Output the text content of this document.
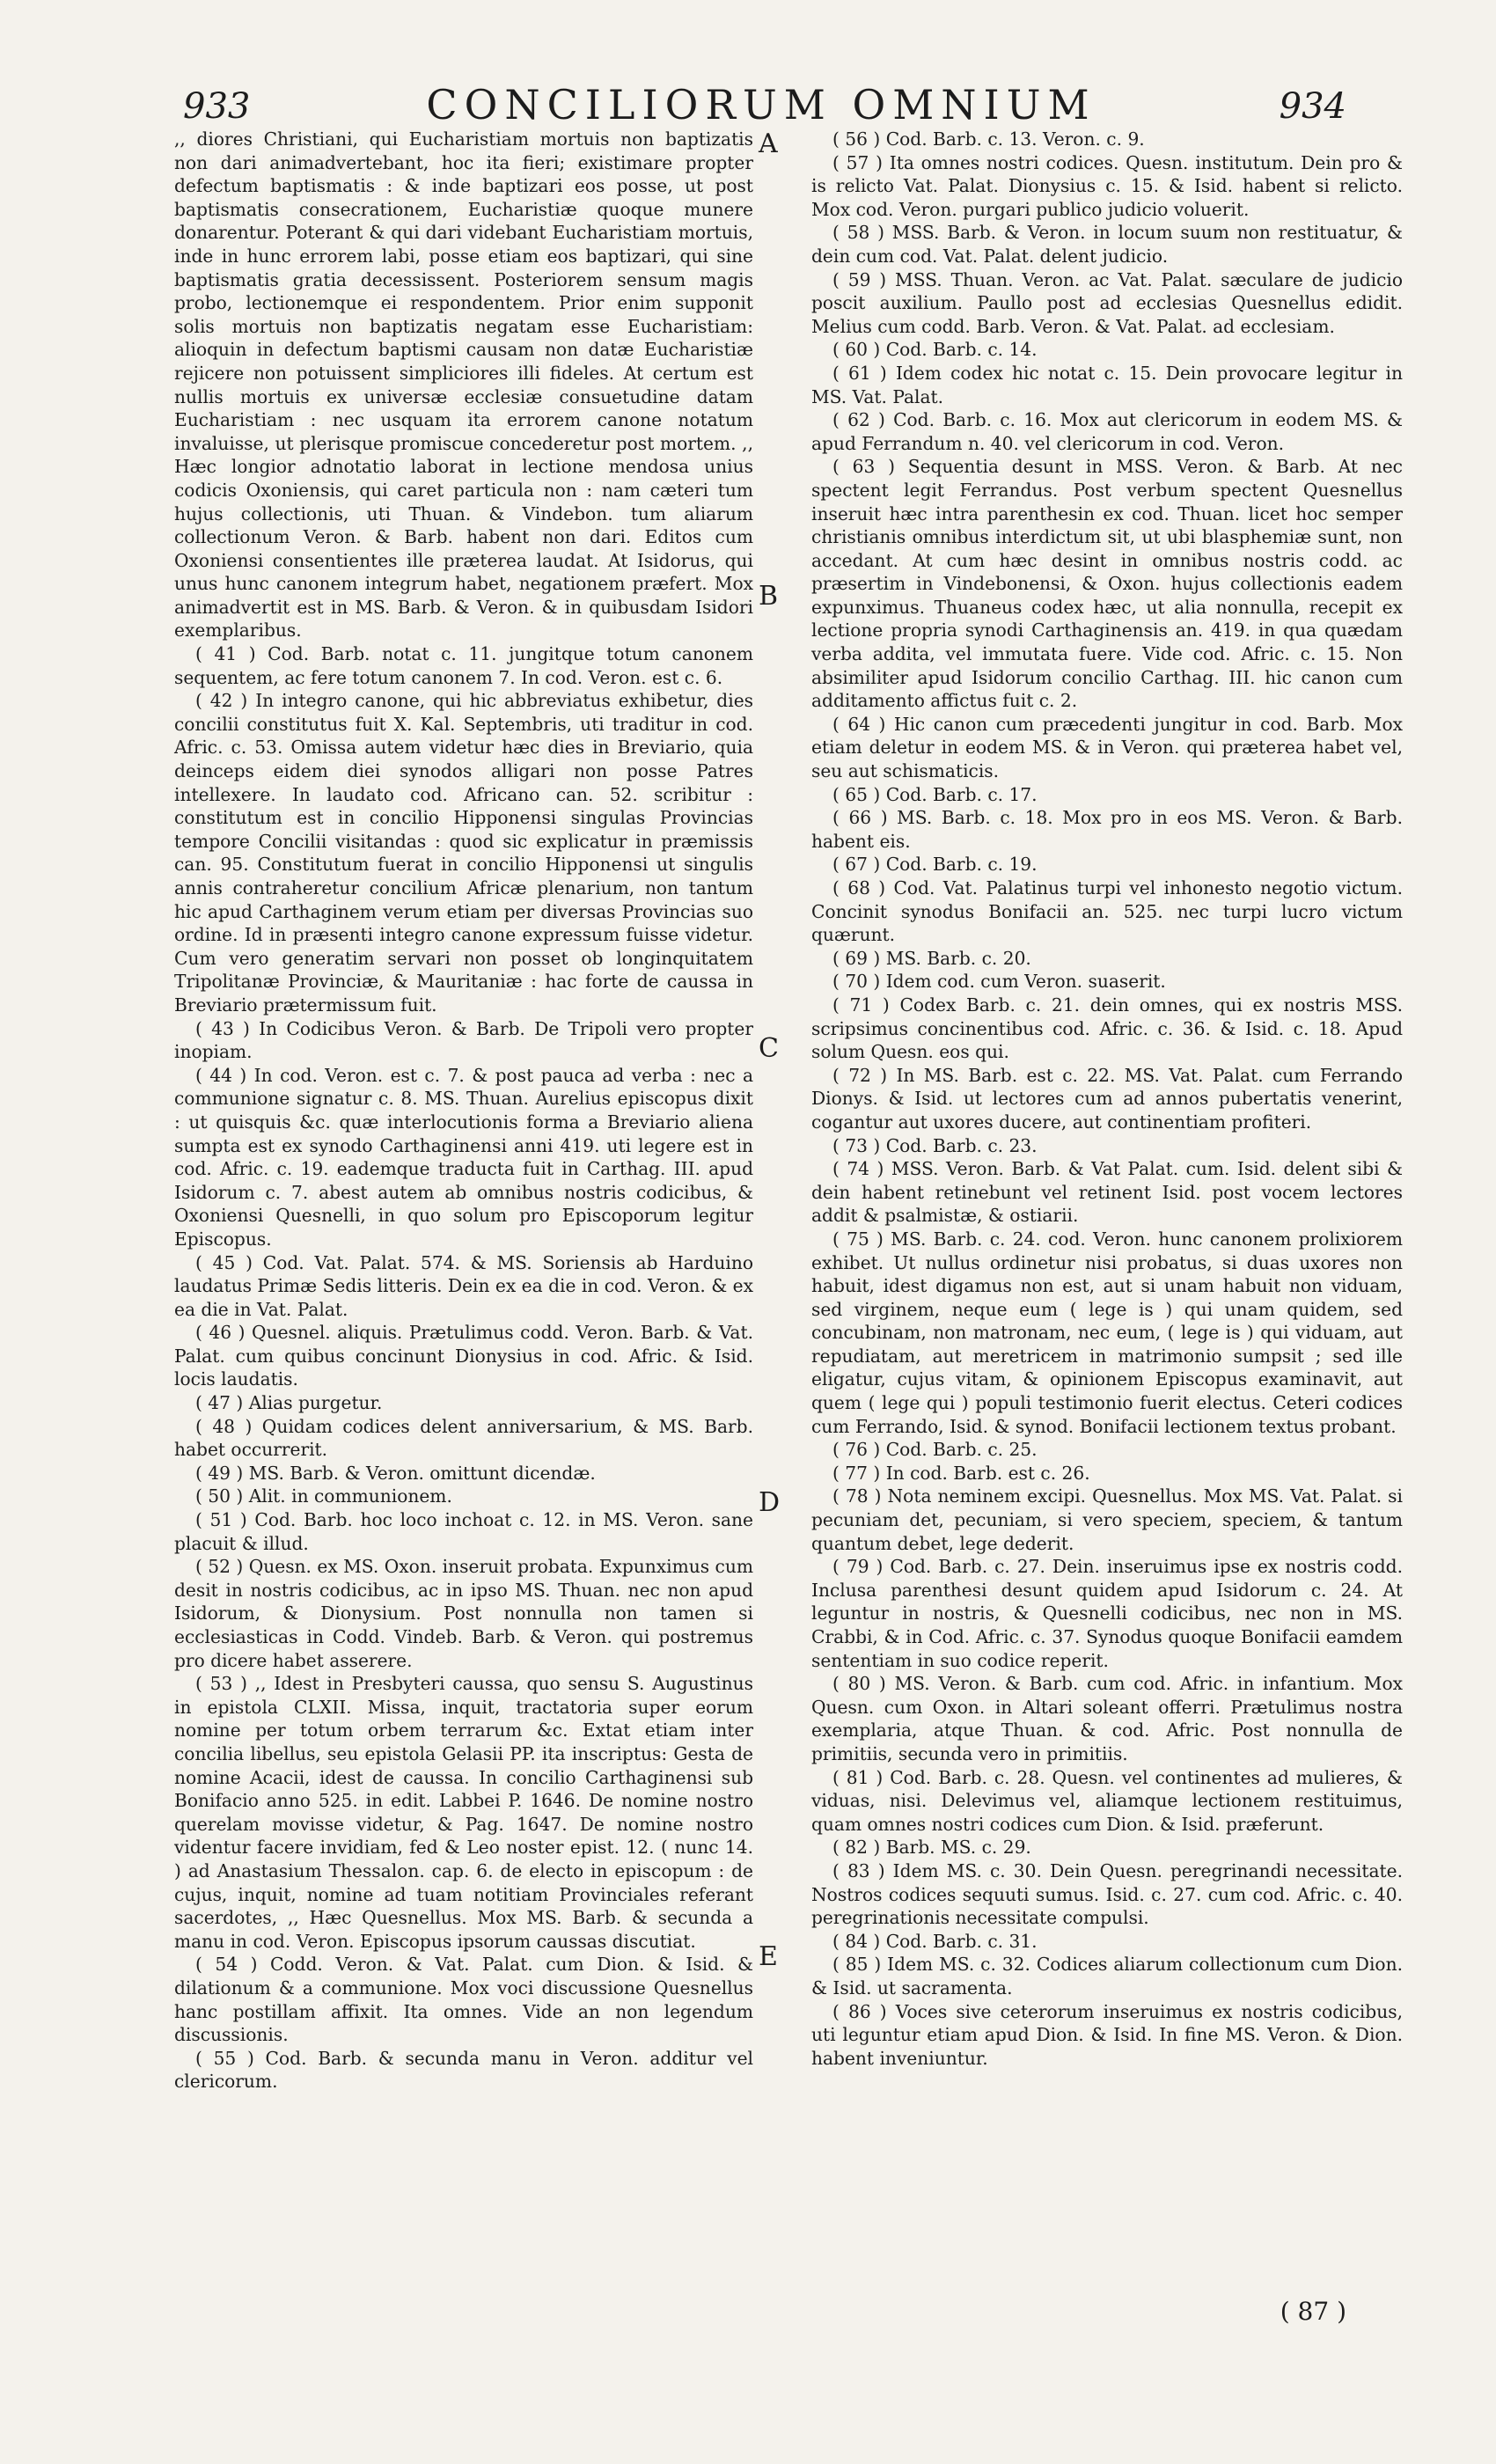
933	CONCILIORUM OMNIUM	934

,, diores Christiani, qui Eucharistiam mortuis non baptizatis non dari animadvertebant, hoc ita fieri; existimare propter defectum baptismatis : & inde baptizari eos posse, ut post baptismatis consecrationem, Eucharistiæ quoque munere donarentur. Poterant & qui dari videbant Eucharistiam mortuis, inde in hunc errorem labi, posse etiam eos baptizari, qui sine baptismatis gratia decessissent. Posteriorem sensum magis probo, lectionemque ei respondentem. Prior enim supponit solis mortuis non baptizatis negatam esse Eucharistiam: alioquin in defectum baptismi causam non datæ Eucharistiæ rejicere non potuissent simpliciores illi fideles. At certum est nullis mortuis ex universæ ecclesiæ consuetudine datam Eucharistiam : nec usquam ita errorem canone notatum invaluisse, ut plerisque promiscue concederetur post mortem. ,, Hæc longior adnotatio laborat in lectione mendosa unius codicis Oxoniensis, qui caret particula non : nam cæteri tum hujus collectionis, uti Thuan. & Vindebon. tum aliarum collectionum Veron. & Barb. habent non dari. Editos cum Oxoniensi consentientes ille præterea laudat. At Isidorus, qui unus hunc canonem integrum habet, negationem præfert. Mox animadvertit est in MS. Barb. & Veron. & in quibusdam Isidori exemplaribus.

( 41 ) Cod. Barb. notat c. 11. jungitque totum canonem sequentem, ac fere totum canonem 7. In cod. Veron. est c. 6.

( 42 ) In integro canone, qui hic abbreviatus exhibetur, dies concilii constitutus fuit X. Kal. Septembris, uti traditur in cod. Afric. c. 53. Omissa autem videtur hæc dies in Breviario, quia deinceps eidem diei synodos alligari non posse Patres intellexere. In laudato cod. Africano can. 52. scribitur : constitutum est in concilio Hipponensi singulas Provincias tempore Concilii visitandas : quod sic explicatur in præmissis can. 95. Constitutum fuerat in concilio Hipponensi ut singulis annis contraheretur concilium Africæ plenarium, non tantum hic apud Carthaginem verum etiam per diversas Provincias suo ordine. Id in præsenti integro canone expressum fuisse videtur. Cum vero generatim servari non posset ob longinquitatem Tripolitanæ Provinciæ, & Mauritaniæ : hac forte de caussa in Breviario prætermissum fuit.

( 43 ) In Codicibus Veron. & Barb. De Tripoli vero propter inopiam.

( 44 ) In cod. Veron. est c. 7. & post pauca ad verba : nec a communione signatur c. 8. MS. Thuan. Aurelius episcopus dixit : ut quisquis &c. quæ interlocutionis forma a Breviario aliena sumpta est ex synodo Carthaginensi anni 419. uti legere est in cod. Afric. c. 19. eademque traducta fuit in Carthag. III. apud Isidorum c. 7. abest autem ab omnibus nostris codicibus, & Oxoniensi Quesnelli, in quo solum pro Episcoporum legitur Episcopus.

( 45 ) Cod. Vat. Palat. 574. & MS. Soriensis ab Harduino laudatus Primæ Sedis litteris. Dein ex ea die in cod. Veron. & ex ea die in Vat. Palat.

( 46 ) Quesnel. aliquis. Prætulimus codd. Veron. Barb. & Vat. Palat. cum quibus concinunt Dionysius in cod. Afric. & Isid. locis laudatis.

( 47 ) Alias purgetur.

( 48 ) Quidam codices delent anniversarium, & MS. Barb. habet occurrerit.

( 49 ) MS. Barb. & Veron. omittunt dicendæ.

( 50 ) Alit. in communionem.

( 51 ) Cod. Barb. hoc loco inchoat c. 12. in MS. Veron. sane placuit & illud.

( 52 ) Quesn. ex MS. Oxon. inseruit probata. Expunximus cum desit in nostris codicibus, ac in ipso MS. Thuan. nec non apud Isidorum, & Dionysium. Post nonnulla non tamen si ecclesiasticas in Codd. Vindeb. Barb. & Veron. qui postremus pro dicere habet asserere.

( 53 ) ,, Idest in Presbyteri caussa, quo sensu S. Augustinus in epistola CLXII. Missa, inquit, tractatoria super eorum nomine per totum orbem terrarum &c. Extat etiam inter concilia libellus, seu epistola Gelasii PP. ita inscriptus: Gesta de nomine Acacii, idest de caussa. In concilio Carthaginensi sub Bonifacio anno 525. in edit. Labbei P. 1646. De nomine nostro querelam movisse videtur, & Pag. 1647. De nomine nostro videntur facere invidiam, fed & Leo noster epist. 12. ( nunc 14. ) ad Anastasium Thessalon. cap. 6. de electo in episcopum : de cujus, inquit, nomine ad tuam notitiam Provinciales referant sacerdotes, ,, Hæc Quesnellus. Mox MS. Barb. & secunda a manu in cod. Veron. Episcopus ipsorum caussas discutiat.

( 54 ) Codd. Veron. & Vat. Palat. cum Dion. & Isid. & dilationum & a communione. Mox voci discussione Quesnellus hanc postillam affixit. Ita omnes. Vide an non legendum discussionis.

( 55 ) Cod. Barb. & secunda manu in Veron. additur vel clericorum.

( 56 ) Cod. Barb. c. 13. Veron. c. 9.

( 57 ) Ita omnes nostri codices. Quesn. institutum. Dein pro & is relicto Vat. Palat. Dionysius c. 15. & Isid. habent si relicto. Mox cod. Veron. purgari publico judicio voluerit.

( 58 ) MSS. Barb. & Veron. in locum suum non restituatur, & dein cum cod. Vat. Palat. delent judicio.

( 59 ) MSS. Thuan. Veron. ac Vat. Palat. sæculare de judicio poscit auxilium. Paullo post ad ecclesias Quesnellus edidit. Melius cum codd. Barb. Veron. & Vat. Palat. ad ecclesiam.

( 60 ) Cod. Barb. c. 14.

( 61 ) Idem codex hic notat c. 15. Dein provocare legitur in MS. Vat. Palat.

( 62 ) Cod. Barb. c. 16. Mox aut clericorum in eodem MS. & apud Ferrandum n. 40. vel clericorum in cod. Veron.

( 63 ) Sequentia desunt in MSS. Veron. & Barb. At nec spectent legit Ferrandus. Post verbum spectent Quesnellus inseruit hæc intra parenthesin ex cod. Thuan. licet hoc semper christianis omnibus interdictum sit, ut ubi blasphemiæ sunt, non accedant. At cum hæc desint in omnibus nostris codd. ac præsertim in Vindebonensi, & Oxon. hujus collectionis eadem expunximus. Thuaneus codex hæc, ut alia nonnulla, recepit ex lectione propria synodi Carthaginensis an. 419. in qua quædam verba addita, vel immutata fuere. Vide cod. Afric. c. 15. Non absimiliter apud Isidorum concilio Carthag. III. hic canon cum additamento affictus fuit c. 2.

( 64 ) Hic canon cum præcedenti jungitur in cod. Barb. Mox etiam deletur in eodem MS. & in Veron. qui præterea habet vel, seu aut schismaticis.

( 65 ) Cod. Barb. c. 17.

( 66 ) MS. Barb. c. 18. Mox pro in eos MS. Veron. & Barb. habent eis.

( 67 ) Cod. Barb. c. 19.

( 68 ) Cod. Vat. Palatinus turpi vel inhonesto negotio victum. Concinit synodus Bonifacii an. 525. nec turpi lucro victum quærunt.

( 69 ) MS. Barb. c. 20.

( 70 ) Idem cod. cum Veron. suaserit.

( 71 ) Codex Barb. c. 21. dein omnes, qui ex nostris MSS. scripsimus concinentibus cod. Afric. c. 36. & Isid. c. 18. Apud solum Quesn. eos qui.

( 72 ) In MS. Barb. est c. 22. MS. Vat. Palat. cum Ferrando Dionys. & Isid. ut lectores cum ad annos pubertatis venerint, cogantur aut uxores ducere, aut continentiam profiteri.

( 73 ) Cod. Barb. c. 23.

( 74 ) MSS. Veron. Barb. & Vat Palat. cum. Isid. delent sibi & dein habent retinebunt vel retinent Isid. post vocem lectores addit & psalmistæ, & ostiarii.

( 75 ) MS. Barb. c. 24. cod. Veron. hunc canonem prolixiorem exhibet. Ut nullus ordinetur nisi probatus, si duas uxores non habuit, idest digamus non est, aut si unam habuit non viduam, sed virginem, neque eum ( lege is ) qui unam quidem, sed concubinam, non matronam, nec eum, ( lege is ) qui viduam, aut repudiatam, aut meretricem in matrimonio sumpsit ; sed ille eligatur, cujus vitam, & opinionem Episcopus examinavit, aut quem ( lege qui ) populi testimonio fuerit electus. Ceteri codices cum Ferrando, Isid. & synod. Bonifacii lectionem textus probant.

( 76 ) Cod. Barb. c. 25.

( 77 ) In cod. Barb. est c. 26.

( 78 ) Nota neminem excipi. Quesnellus. Mox MS. Vat. Palat. si pecuniam det, pecuniam, si vero speciem, speciem, & tantum quantum debet, lege dederit.

( 79 ) Cod. Barb. c. 27. Dein. inseruimus ipse ex nostris codd. Inclusa parenthesi desunt quidem apud Isidorum c. 24. At leguntur in nostris, & Quesnelli codicibus, nec non in MS. Crabbi, & in Cod. Afric. c. 37. Synodus quoque Bonifacii eamdem sententiam in suo codice reperit.

( 80 ) MS. Veron. & Barb. cum cod. Afric. in infantium. Mox Quesn. cum Oxon. in Altari soleant offerri. Prætulimus nostra exemplaria, atque Thuan. & cod. Afric. Post nonnulla de primitiis, secunda vero in primitiis.

( 81 ) Cod. Barb. c. 28. Quesn. vel continentes ad mulieres, & viduas, nisi. Delevimus vel, aliamque lectionem restituimus, quam omnes nostri codices cum Dion. & Isid. præferunt.

( 82 ) Barb. MS. c. 29.

( 83 ) Idem MS. c. 30. Dein Quesn. peregrinandi necessitate. Nostros codices sequuti sumus. Isid. c. 27. cum cod. Afric. c. 40. peregrinationis necessitate compulsi.

( 84 ) Cod. Barb. c. 31.

( 85 ) Idem MS. c. 32. Codices aliarum collectionum cum Dion. & Isid. ut sacramenta.

( 86 ) Voces sive ceterorum inseruimus ex nostris codicibus, uti leguntur etiam apud Dion. & Isid. In fine MS. Veron. & Dion. habent inveniuntur.

A
B
C
D
E
( 87 )
